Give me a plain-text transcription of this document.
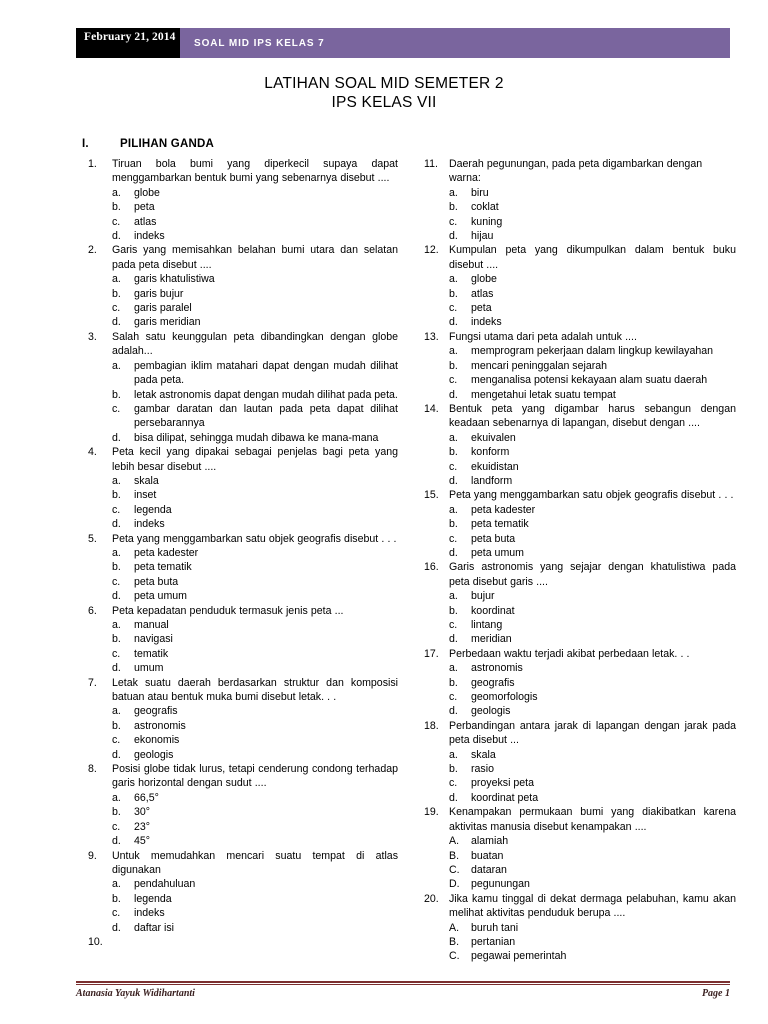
February 21, 2014	SOAL MID IPS KELAS 7
LATIHAN SOAL MID SEMETER 2
IPS KELAS VII
I.	PILIHAN GANDA
1.	Tiruan bola bumi yang diperkecil supaya dapat menggambarkan bentuk bumi yang sebenarnya disebut ....
a.	globe
b.	peta
c.	atlas
d.	indeks
2.	Garis yang memisahkan belahan bumi utara dan selatan pada peta disebut ....
a.	garis khatulistiwa
b.	garis bujur
c.	garis paralel
d.	garis meridian
3.	Salah satu keunggulan peta dibandingkan dengan globe adalah...
a.	pembagian iklim matahari dapat dengan mudah dilihat pada peta.
b.	letak astronomis dapat dengan mudah dilihat pada peta.
c.	gambar daratan dan lautan pada peta dapat dilihat persebarannya
d.	bisa dilipat, sehingga mudah dibawa ke mana-mana
4.	Peta kecil yang dipakai sebagai penjelas bagi peta yang lebih besar disebut ....
a.	skala
b.	inset
c.	legenda
d.	indeks
5.	Peta yang menggambarkan satu objek geografis disebut . . .
a.	peta kadester
b.	peta tematik
c.	peta buta
d.	peta umum
6.	Peta kepadatan penduduk termasuk jenis peta ...
a.	manual
b.	navigasi
c.	tematik
d.	umum
7.	Letak suatu daerah berdasarkan struktur dan komposisi batuan atau bentuk muka bumi disebut letak. . .
a.	geografis
b.	astronomis
c.	ekonomis
d.	geologis
8.	Posisi globe tidak lurus, tetapi cenderung condong terhadap garis horizontal dengan sudut ....
a.	66,5°
b.	30°
c.	23°
d.	45°
9.	Untuk memudahkan mencari suatu tempat di atlas digunakan
a.	pendahuluan
b.	legenda
c.	indeks
d.	daftar isi
10.
11.	Daerah pegunungan, pada peta digambarkan dengan warna:
a.	biru
b.	coklat
c.	kuning
d.	hijau
12. Kumpulan peta yang dikumpulkan dalam bentuk buku disebut ....
a.	globe
b.	atlas
c.	peta
d.	indeks
13. Fungsi utama dari peta adalah untuk ....
a.	memprogram pekerjaan dalam lingkup kewilayahan
b.	mencari peninggalan sejarah
c.	menganalisa potensi kekayaan alam suatu daerah
d.	mengetahui letak suatu tempat
14. Bentuk peta yang digambar harus sebangun dengan keadaan sebenarnya di lapangan, disebut dengan ....
a.	ekuivalen
b.	konform
c.	ekuidistan
d.	landform
15. Peta yang menggambarkan satu objek geografis disebut . . .
a.	peta kadester
b.	peta tematik
c.	peta buta
d.	peta umum
16. Garis astronomis yang sejajar dengan khatulistiwa pada peta disebut garis ....
a.	bujur
b.	koordinat
c.	lintang
d.	meridian
17. Perbedaan waktu terjadi akibat perbedaan letak. . .
a.	astronomis
b.	geografis
c.	geomorfologis
d.	geologis
18. Perbandingan antara jarak di lapangan dengan jarak pada peta disebut ...
a.	skala
b.	rasio
c.	proyeksi peta
d.	koordinat peta
19. Kenampakan permukaan bumi yang diakibatkan karena aktivitas manusia disebut kenampakan ....
A.	alamiah
B.	buatan
C.	dataran
D.	pegunungan
20. Jika kamu tinggal di dekat dermaga pelabuhan, kamu akan melihat aktivitas penduduk berupa ....
A.	buruh tani
B.	pertanian
C.	pegawai pemerintah
Atanasia Yayuk Widihartanti	Page 1
